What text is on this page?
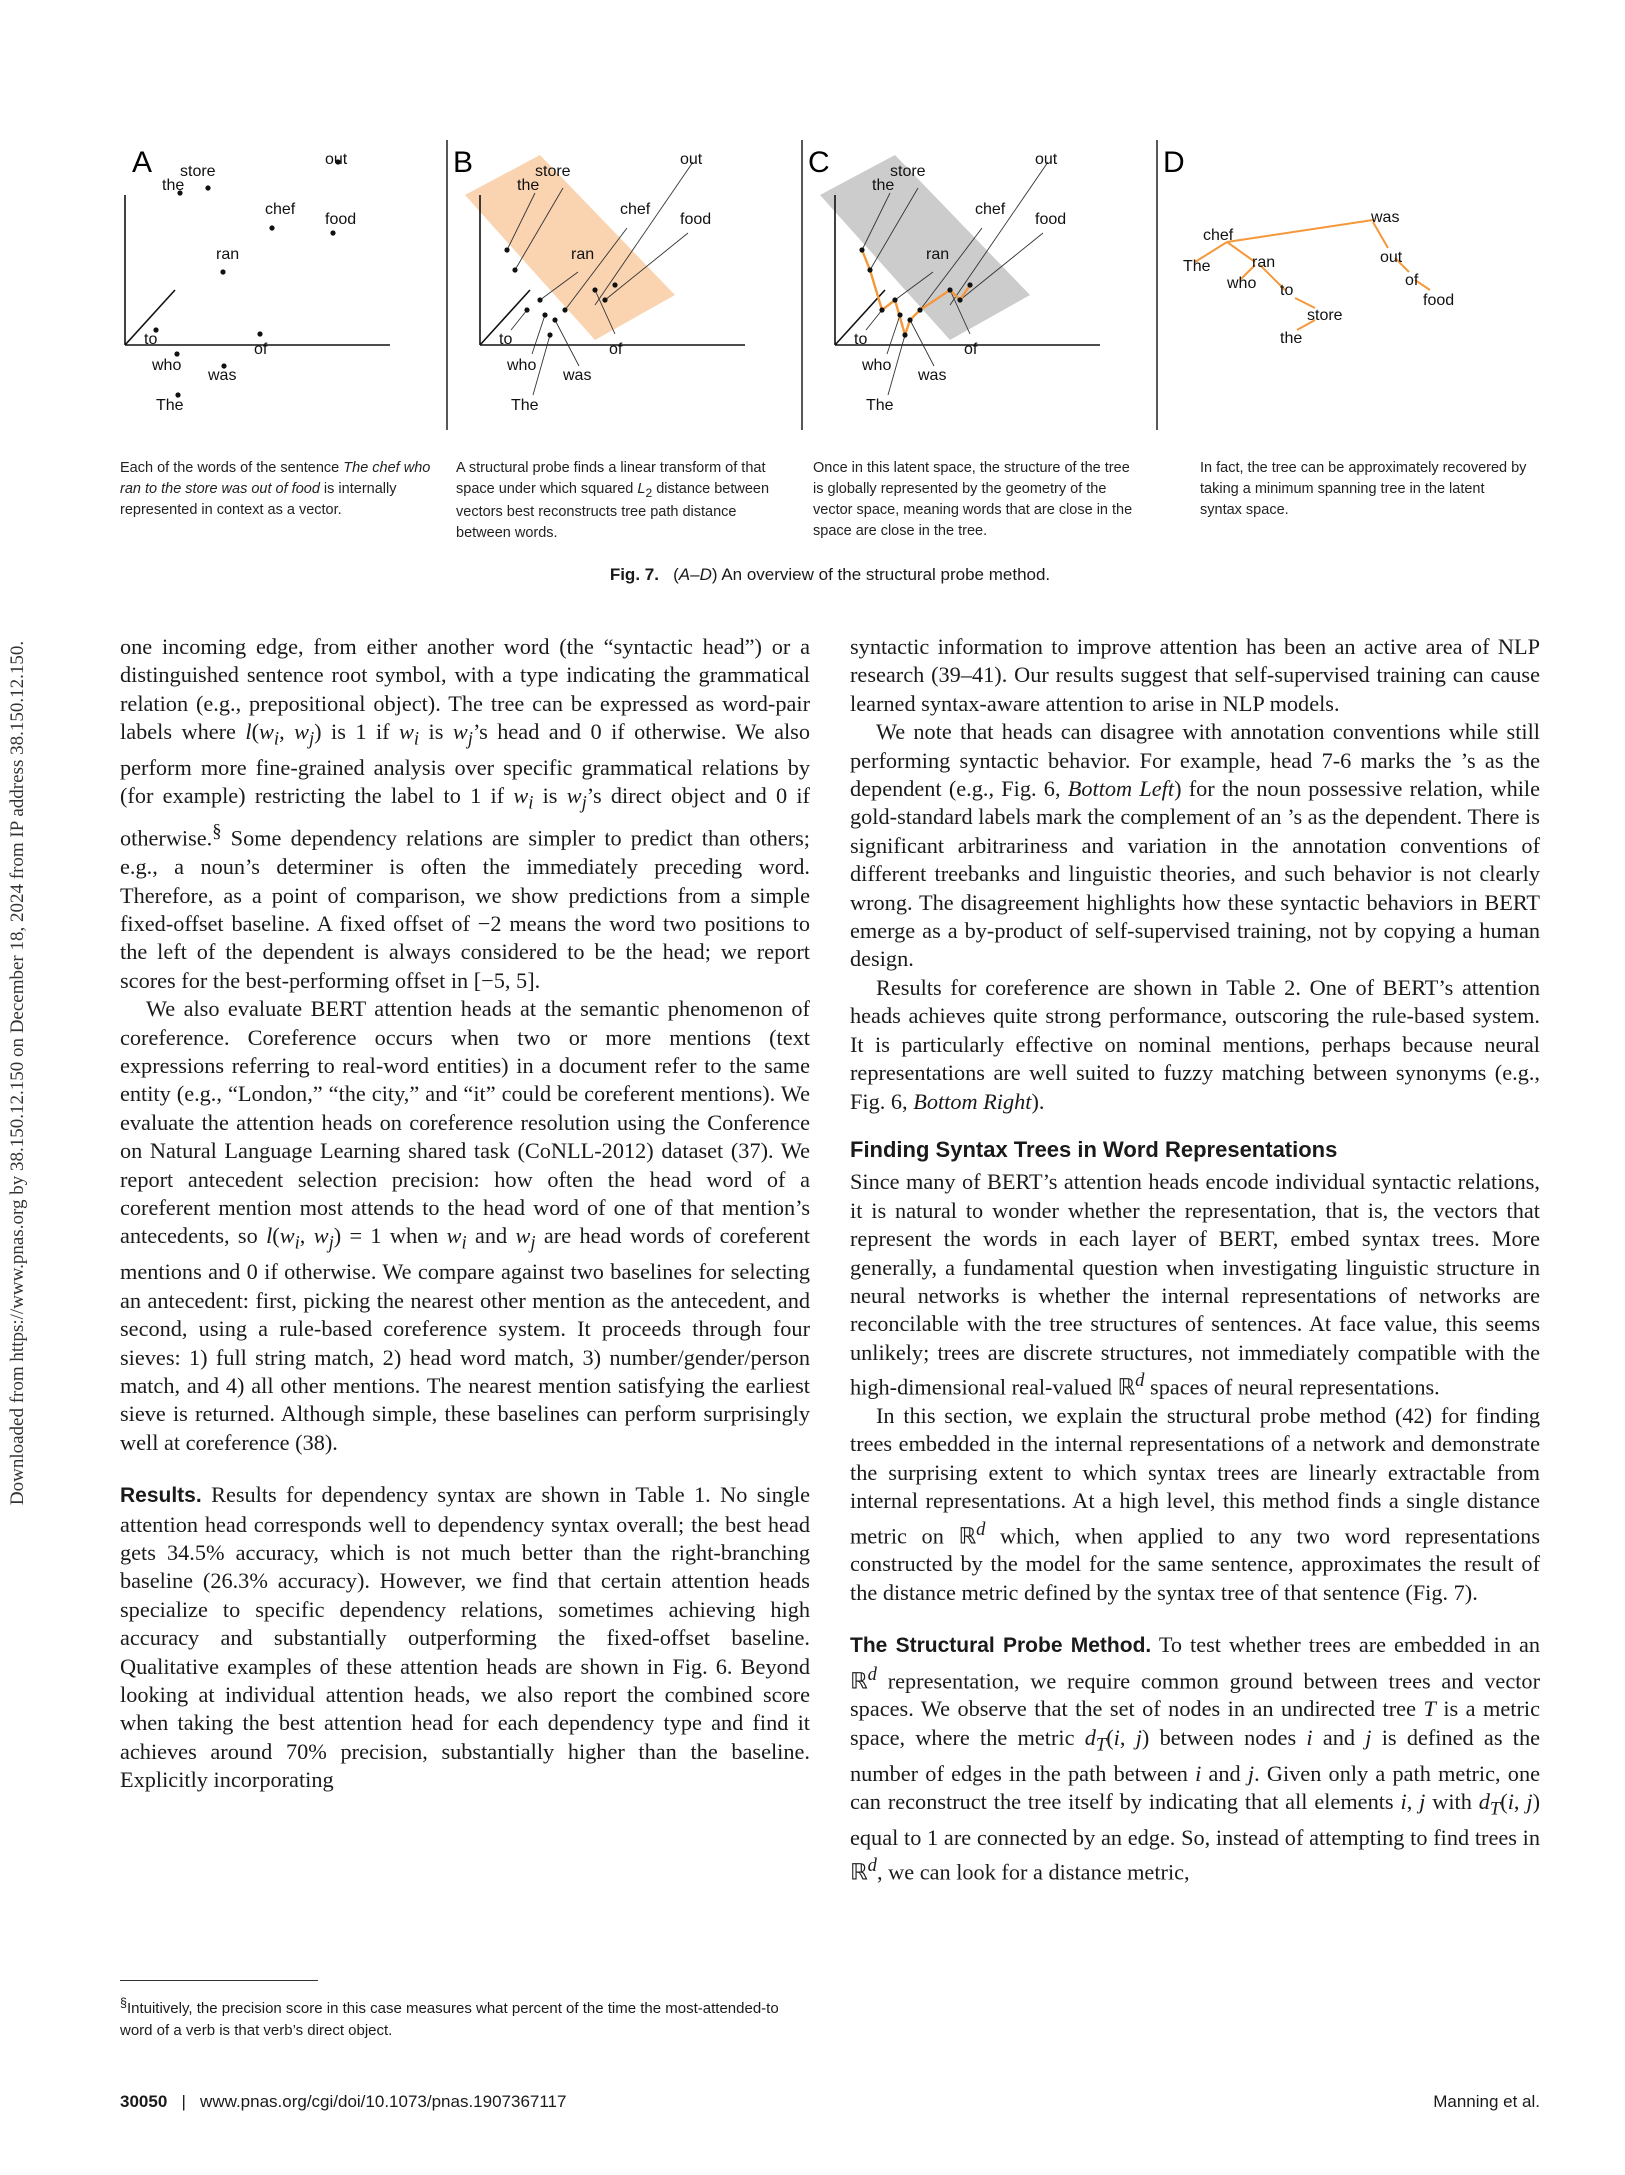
Downloaded from https://www.pnas.org by 38.150.12.150 on December 18, 2024 from IP address 38.150.12.150.
A
the
store
out
chef
food
ran
to
of
who
was
The
B
the
store
out
chef
food
ran
to
of
who
was
The
C
the
store
out
chef
food
ran
to
of
who
was
The
D
chef
was
The	ran	out
who to
of
store
food
the
Each of the words of the sentence The chef who ran to the store was out of food is internally represented in context as a vector.
A structural probe finds a linear transform of that space under which squared $L_2$ distance between vectors best reconstructs tree path distance between words.
Once in this latent space, the structure of the tree is globally represented by the geometry of the vector space, meaning words that are close in the space are close in the tree.
In fact, the tree can be approximately recovered by taking a minimum spanning tree in the latent syntax space.
Fig. 7. (A–D) An overview of the structural probe method.

one incoming edge, from either another word (the “syntactic head”) or a distinguished sentence root symbol, with a type indicating the grammatical relation (e.g., prepositional object). The tree can be expressed as word-pair labels where $l(w_i$, $w_j$) is 1 if $w_i$ is $w_j’s$ head and 0 if otherwise. We also perform more fine-grained analysis over specific grammatical relations by (for example) restricting the label to 1 if $w_i$ is $w_j’s$ direct object and 0 if otherwise.§ Some dependency relations are simpler to predict than others; e.g., a noun’s determiner is often the immediately preceding word. Therefore, as a point of comparison, we show predictions from a simple fixed-offset baseline. A fixed offset of −2 means the word two positions to the left of the dependent is always considered to be the head; we report scores for the best-performing offset in [−5, 5].

We also evaluate BERT attention heads at the semantic phenomenon of coreference. Coreference occurs when two or more mentions (text expressions referring to real-word entities) in a document refer to the same entity (e.g., “London,” “the city,” and “it” could be coreferent mentions). We evaluate the attention heads on coreference resolution using the Conference on Natural Language Learning shared task (CoNLL-2012) dataset (37). We report antecedent selection precision: how often the head word of a coreferent mention most attends to the head word of one of that mention’s antecedents, so $l(w_i$, $w_j) = 1$ when $w_i$ and $w_j$ are head words of coreferent mentions and 0 if otherwise. We compare against two baselines for selecting an antecedent: first, picking the nearest other mention as the antecedent, and second, using a rule-based coreference system. It proceeds through four sieves: 1) full string match, 2) head word match, 3) number/gender/person match, and 4) all other mentions. The nearest mention satisfying the earliest sieve is returned. Although simple, these baselines can perform surprisingly well at coreference (38).

Results. Results for dependency syntax are shown in Table 1. No single attention head corresponds well to dependency syntax overall; the best head gets 34.5% accuracy, which is not much better than the right-branching baseline (26.3% accuracy). However, we find that certain attention heads specialize to specific dependency relations, sometimes achieving high accuracy and substantially outperforming the fixed-offset baseline. Qualitative examples of these attention heads are shown in Fig. 6. Beyond looking at individual attention heads, we also report the combined score when taking the best attention head for each dependency type and find it achieves around 70% precision, substantially higher than the baseline. Explicitly incorporating

syntactic information to improve attention has been an active area of NLP research (39–41). Our results suggest that self-supervised training can cause learned syntax-aware attention to arise in NLP models.

We note that heads can disagree with annotation conventions while still performing syntactic behavior. For example, head 7-6 marks the ’s as the dependent (e.g., Fig. 6, Bottom Left) for the noun possessive relation, while gold-standard labels mark the complement of an ’s as the dependent. There is significant arbitrariness and variation in the annotation conventions of different treebanks and linguistic theories, and such behavior is not clearly wrong. The disagreement highlights how these syntactic behaviors in BERT emerge as a by-product of self-supervised training, not by copying a human design.

Results for coreference are shown in Table 2. One of BERT’s attention heads achieves quite strong performance, outscoring the rule-based system. It is particularly effective on nominal mentions, perhaps because neural representations are well suited to fuzzy matching between synonyms (e.g., Fig. 6, Bottom Right).

Finding Syntax Trees in Word Representations

Since many of BERT’s attention heads encode individual syntactic relations, it is natural to wonder whether the representation, that is, the vectors that represent the words in each layer of BERT, embed syntax trees. More generally, a fundamental question when investigating linguistic structure in neural networks is whether the internal representations of networks are reconcilable with the tree structures of sentences. At face value, this seems unlikely; trees are discrete structures, not immediately compatible with the high-dimensional real-valued ℝ$^d$ spaces of neural representations.

In this section, we explain the structural probe method (42) for finding trees embedded in the internal representations of a network and demonstrate the surprising extent to which syntax trees are linearly extractable from internal representations. At a high level, this method finds a single distance metric on ℝ$^d$ which, when applied to any two word representations constructed by the model for the same sentence, approximates the result of the distance metric defined by the syntax tree of that sentence (Fig. 7).

The Structural Probe Method. To test whether trees are embedded in an ℝ$^d$ representation, we require common ground between trees and vector spaces. We observe that the set of nodes in an undirected tree T is a metric space, where the metric $d_T(i$, j) between nodes i and j is defined as the number of edges in the path between i and j. Given only a path metric, one can reconstruct the tree itself by indicating that all elements i, j with $d_T(i$, j) equal to 1 are connected by an edge. So, instead of attempting to find trees in ℝ$^d$, we can look for a distance metric,

§Intuitively, the precision score in this case measures what percent of the time the most-attended-to word of a verb is that verb’s direct object.
30050 | www.pnas.org/cgi/doi/10.1073/pnas.1907367117	Manning et al.
